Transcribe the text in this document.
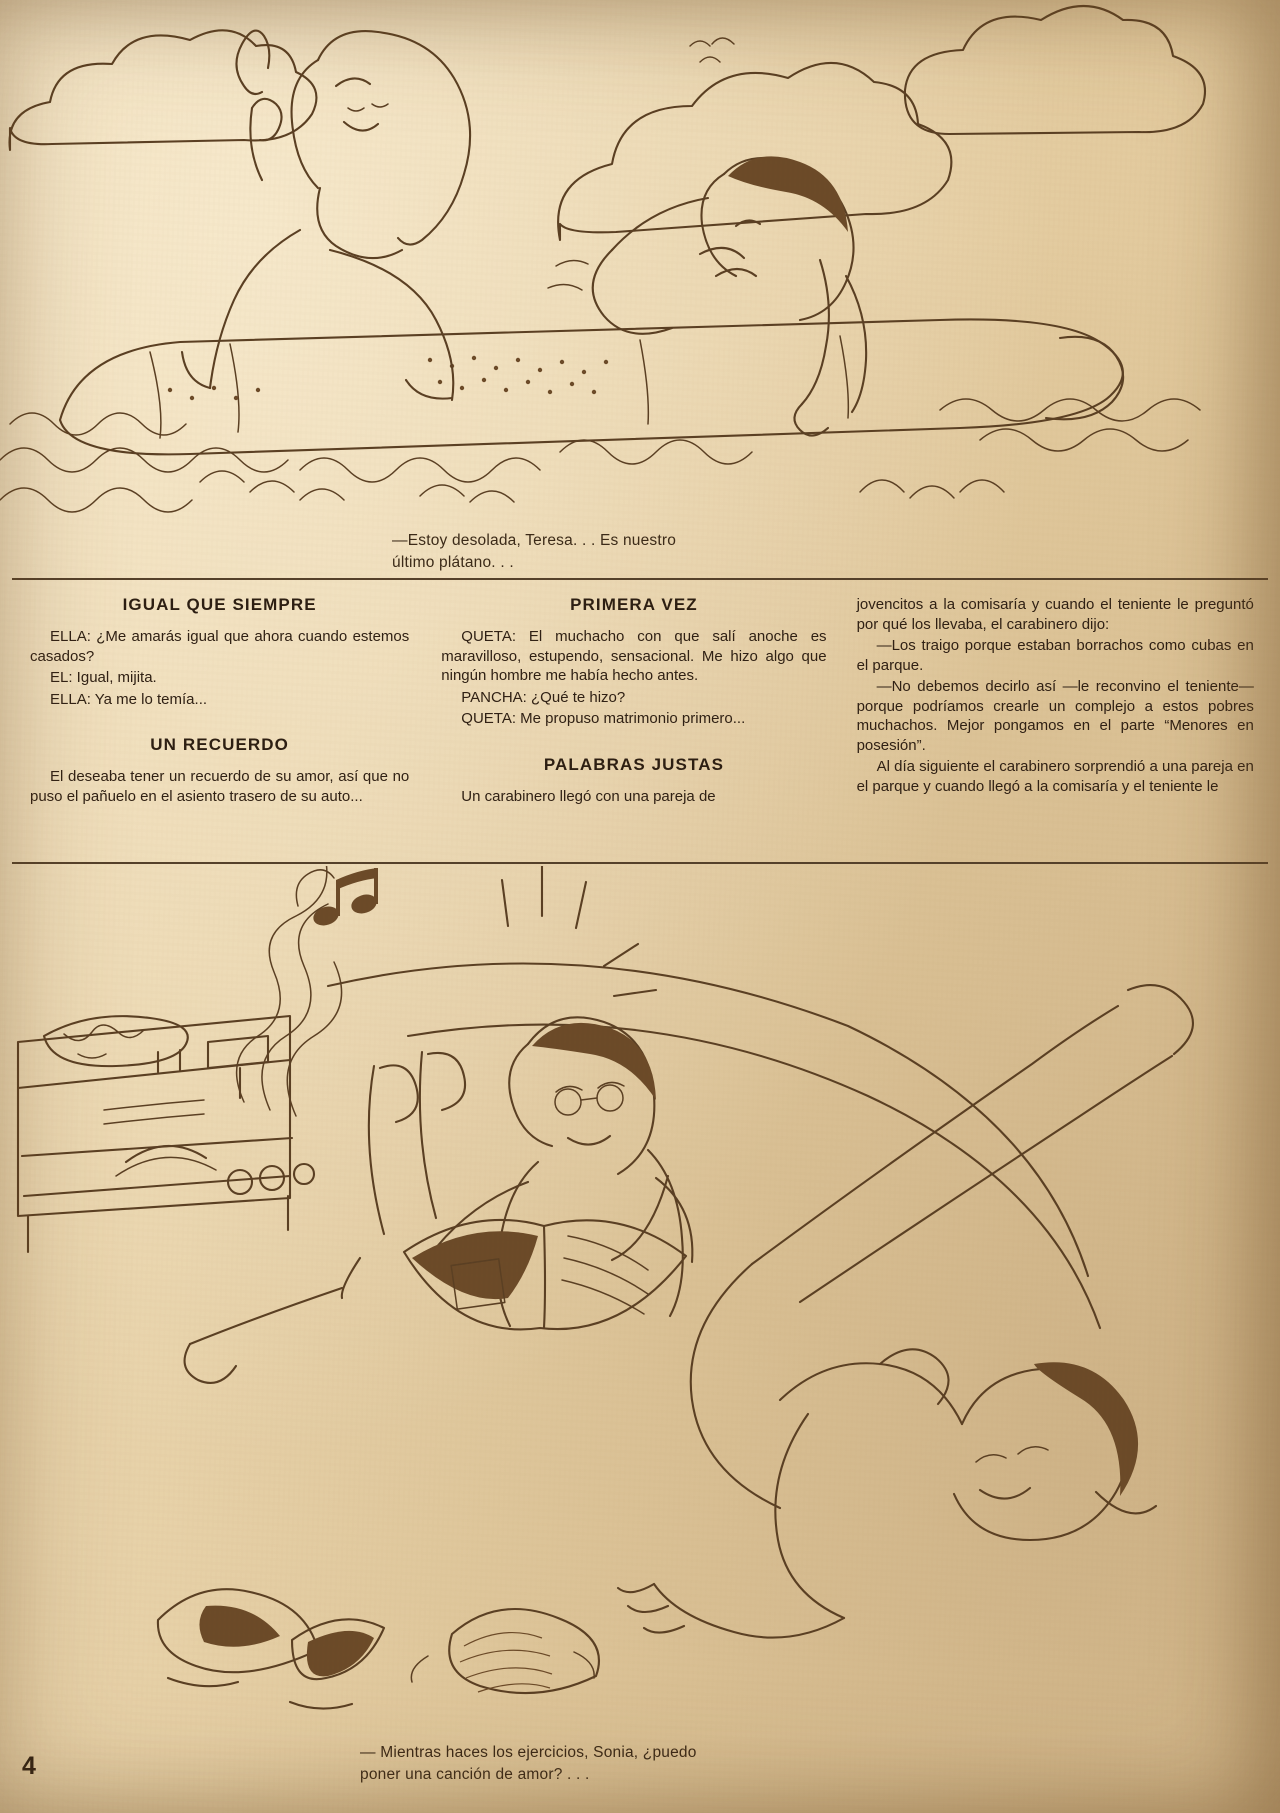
—Estoy desolada, Teresa. . . Es nuestro
último plátano. . .
IGUAL QUE SIEMPRE

ELLA: ¿Me amarás igual que ahora cuando estemos casados?

EL: Igual, mijita.

ELLA: Ya me lo temía...

UN RECUERDO

El deseaba tener un recuerdo de su amor, así que no puso el pañuelo en el asiento trasero de su auto...

PRIMERA VEZ

QUETA: El muchacho con que salí anoche es maravilloso, estupendo, sensacional. Me hizo algo que ningún hombre me había hecho antes.

PANCHA: ¿Qué te hizo?

QUETA: Me propuso matrimonio primero...

PALABRAS JUSTAS

Un carabinero llegó con una pareja de

jovencitos a la comisaría y cuando el teniente le preguntó por qué los llevaba, el carabinero dijo:

—Los traigo porque estaban borrachos como cubas en el parque.

—No debemos decirlo así —le reconvino el teniente— porque podríamos crearle un complejo a estos pobres muchachos. Mejor pongamos en el parte “Menores en posesión”.

Al día siguiente el carabinero sorprendió a una pareja en el parque y cuando llegó a la comisaría y el teniente le

— Mientras haces los ejercicios, Sonia, ¿puedo
poner una canción de amor? . . .
4
